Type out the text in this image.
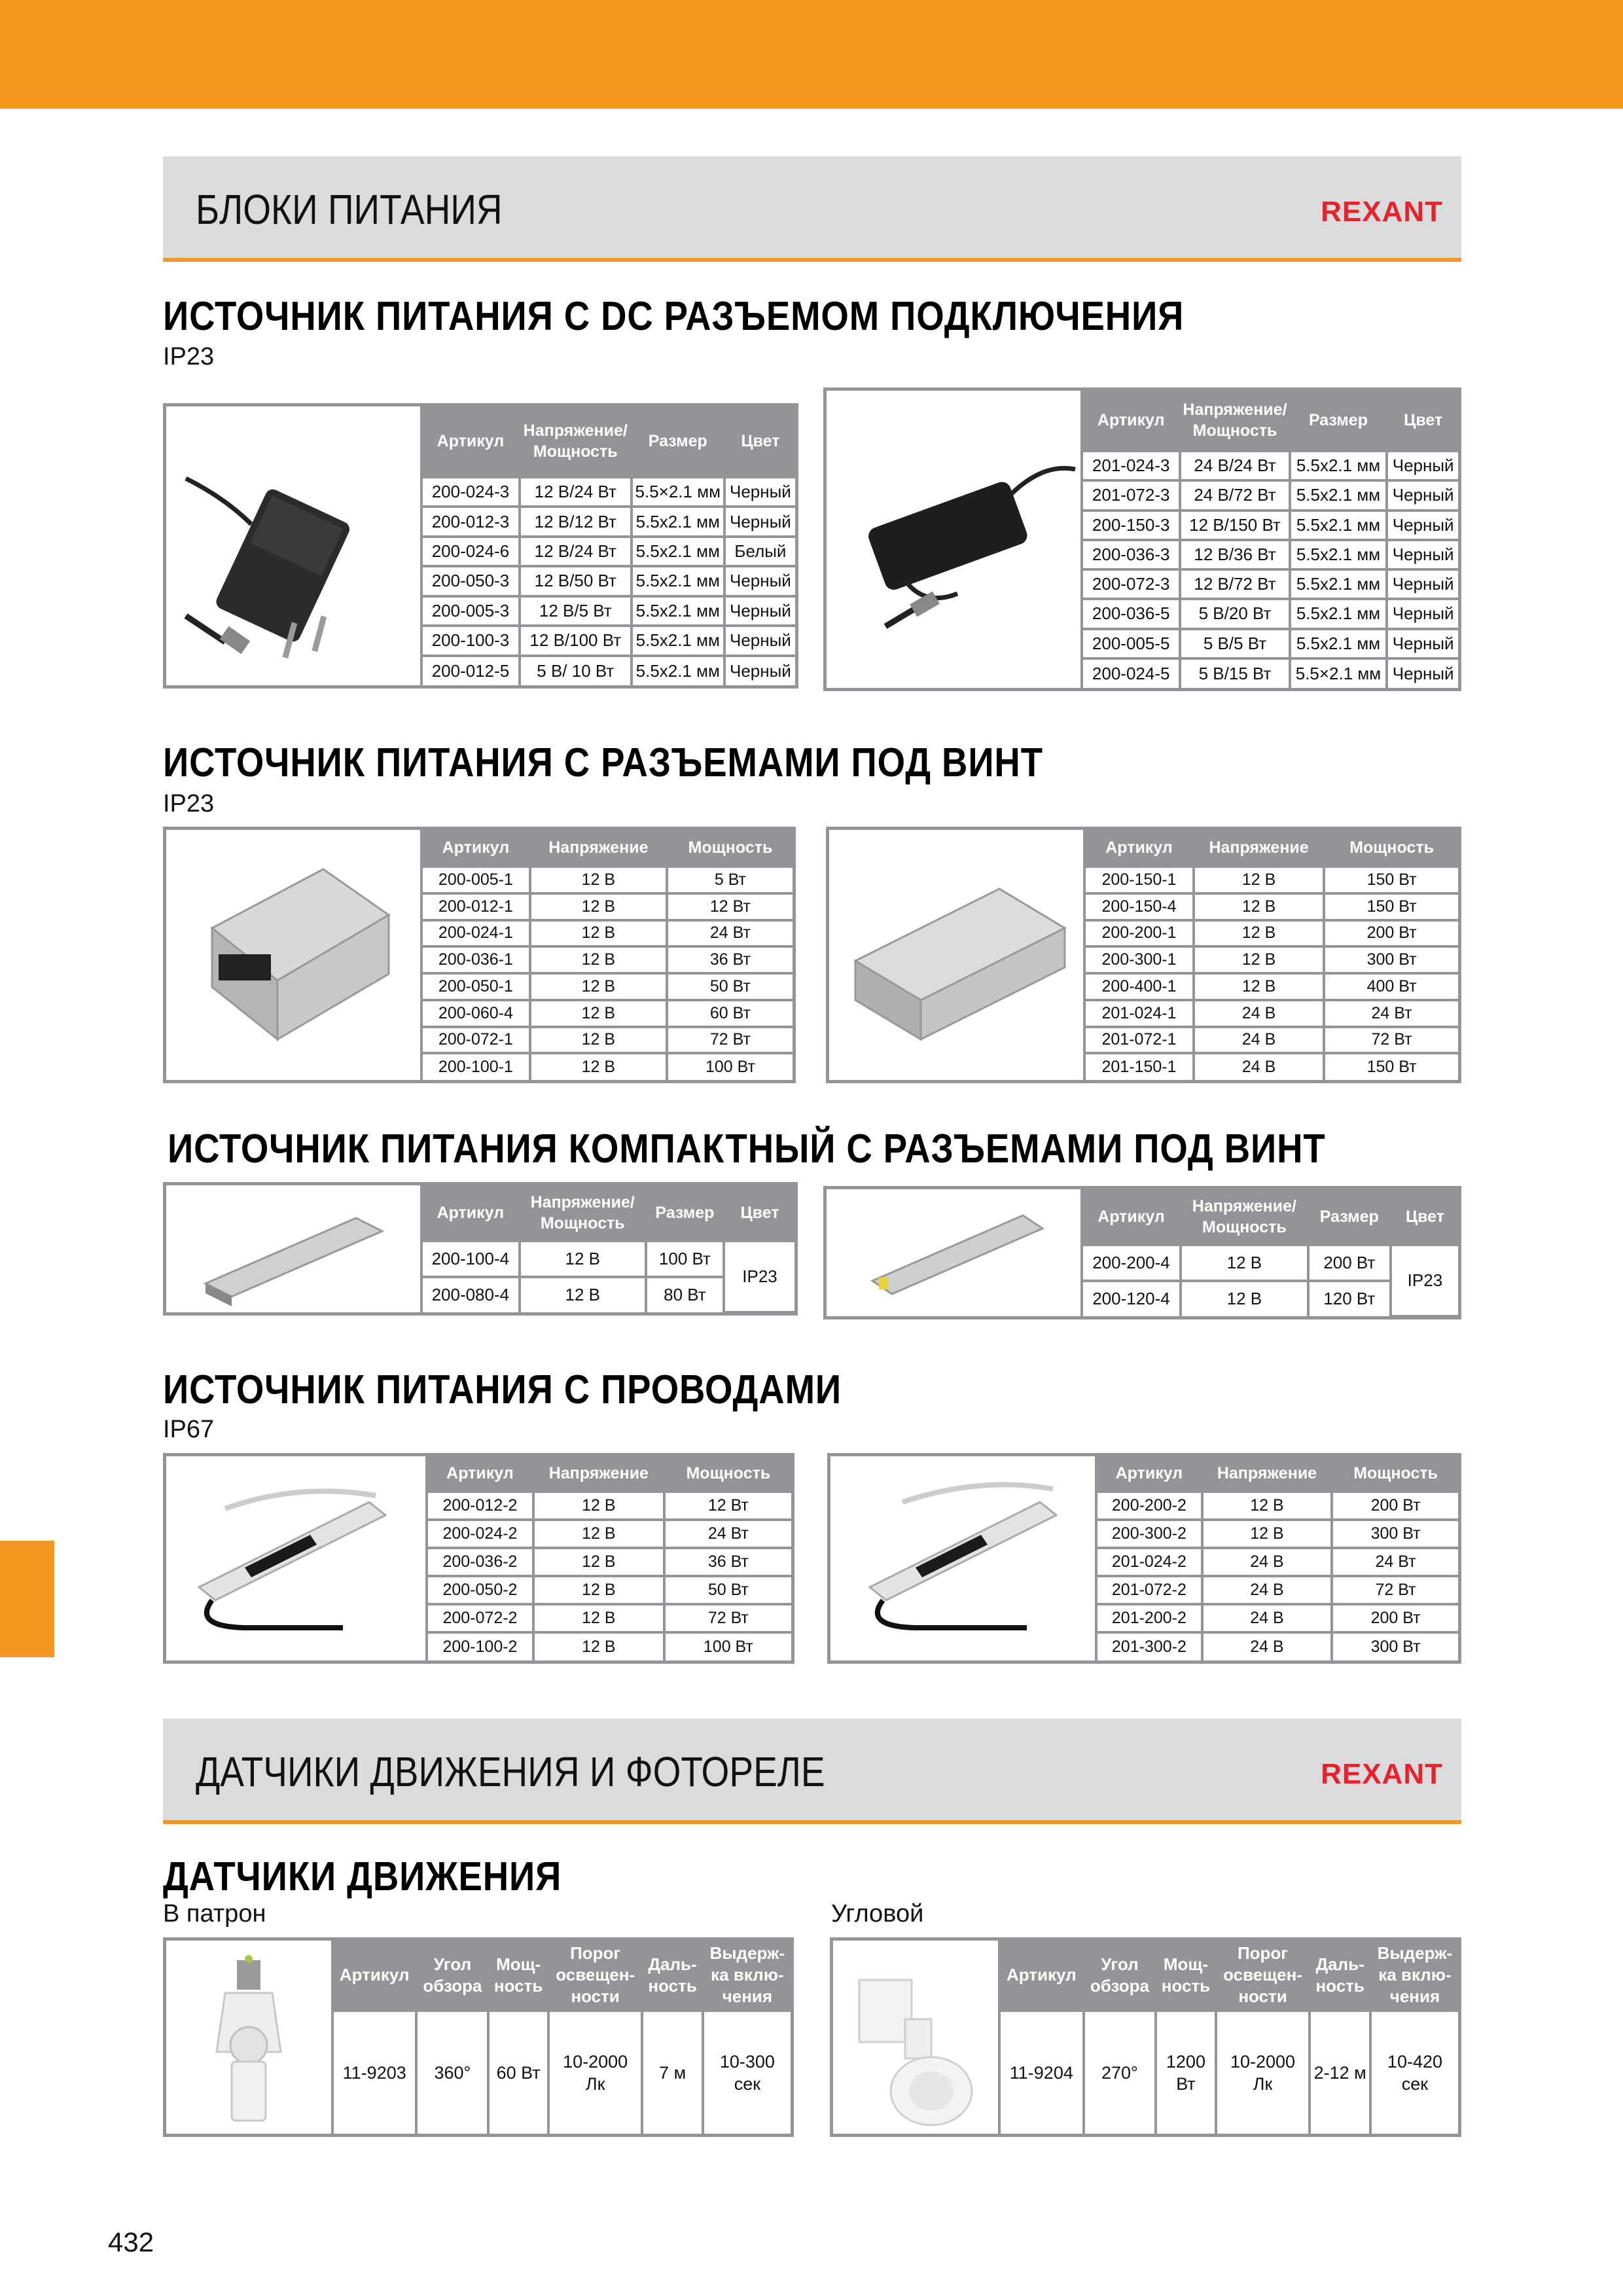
БЛОКИ ПИТАНИЯ	REXANT
ИСТОЧНИК ПИТАНИЯ С DC РАЗЪЕМОМ ПОДКЛЮЧЕНИЯ
IP23
Артикул	Напряжение/ Мощность	Размер	Цвет
200-024-3	12 В/24 Вт	5.5×2.1 мм	Черный
200-012-3	12 В/12 Вт	5.5x2.1 мм	Черный
200-024-6	12 В/24 Вт	5.5x2.1 мм	Белый
200-050-3	12 В/50 Вт	5.5x2.1 мм	Черный
200-005-3	12 В/5 Вт	5.5x2.1 мм	Черный
200-100-3	12 В/100 Вт	5.5x2.1 мм	Черный
200-012-5	5 В/ 10 Вт	5.5x2.1 мм	Черный
Артикул	Напряжение/ Мощность	Размер	Цвет
201-024-3	24 В/24 Вт	5.5x2.1 мм	Черный
201-072-3	24 В/72 Вт	5.5x2.1 мм	Черный
200-150-3	12 В/150 Вт	5.5x2.1 мм	Черный
200-036-3	12 В/36 Вт	5.5x2.1 мм	Черный
200-072-3	12 В/72 Вт	5.5x2.1 мм	Черный
200-036-5	5 В/20 Вт	5.5x2.1 мм	Черный
200-005-5	5 В/5 Вт	5.5x2.1 мм	Черный
200-024-5	5 В/15 Вт	5.5×2.1 мм	Черный
ИСТОЧНИК ПИТАНИЯ С РАЗЪЕМАМИ ПОД ВИНТ
IP23
Артикул	Напряжение	Мощность
200-005-1	12 В	5 Вт
200-012-1	12 В	12 Вт
200-024-1	12 В	24 Вт
200-036-1	12 В	36 Вт
200-050-1	12 В	50 Вт
200-060-4	12 В	60 Вт
200-072-1	12 В	72 Вт
200-100-1	12 В	100 Вт
Артикул	Напряжение	Мощность
200-150-1	12 В	150 Вт
200-150-4	12 В	150 Вт
200-200-1	12 В	200 Вт
200-300-1	12 В	300 Вт
200-400-1	12 В	400 Вт
201-024-1	24 В	24 Вт
201-072-1	24 В	72 Вт
201-150-1	24 В	150 Вт
ИСТОЧНИК ПИТАНИЯ КОМПАКТНЫЙ С РАЗЪЕМАМИ ПОД ВИНТ
Артикул	Напряжение/ Мощность	Размер	Цвет
200-100-4	12 В	100 Вт	IP23
200-080-4	12 В	80 Вт	
Артикул	Напряжение/ Мощность	Размер	Цвет
200-200-4	12 В	200 Вт	IP23
200-120-4	12 В	120 Вт	
ИСТОЧНИК ПИТАНИЯ С ПРОВОДАМИ
IP67
Артикул	Напряжение	Мощность
200-012-2	12 В	12 Вт
200-024-2	12 В	24 Вт
200-036-2	12 В	36 Вт
200-050-2	12 В	50 Вт
200-072-2	12 В	72 Вт
200-100-2	12 В	100 Вт
Артикул	Напряжение	Мощность
200-200-2	12 В	200 Вт
200-300-2	12 В	300 Вт
201-024-2	24 В	24 Вт
201-072-2	24 В	72 Вт
201-200-2	24 В	200 Вт
201-300-2	24 В	300 Вт
ДАТЧИКИ ДВИЖЕНИЯ И ФОТОРЕЛЕ	REXANT
ДАТЧИКИ ДВИЖЕНИЯ
В патрон	Угловой
Артикул	Угол обзора	Мощ- ность	Порог освещен- ности	Даль- ность	Выдерж- ка вклю- чения
11-9203	360°	60 Вт	10-2000 Лк	7 м	10-300 сек
Артикул	Угол обзора	Мощ- ность	Порог освещен- ности	Даль- ность	Выдерж- ка вклю- чения
11-9204	270°	1200 Вт	10-2000 Лк	2-12 м	10-420 сек
432
